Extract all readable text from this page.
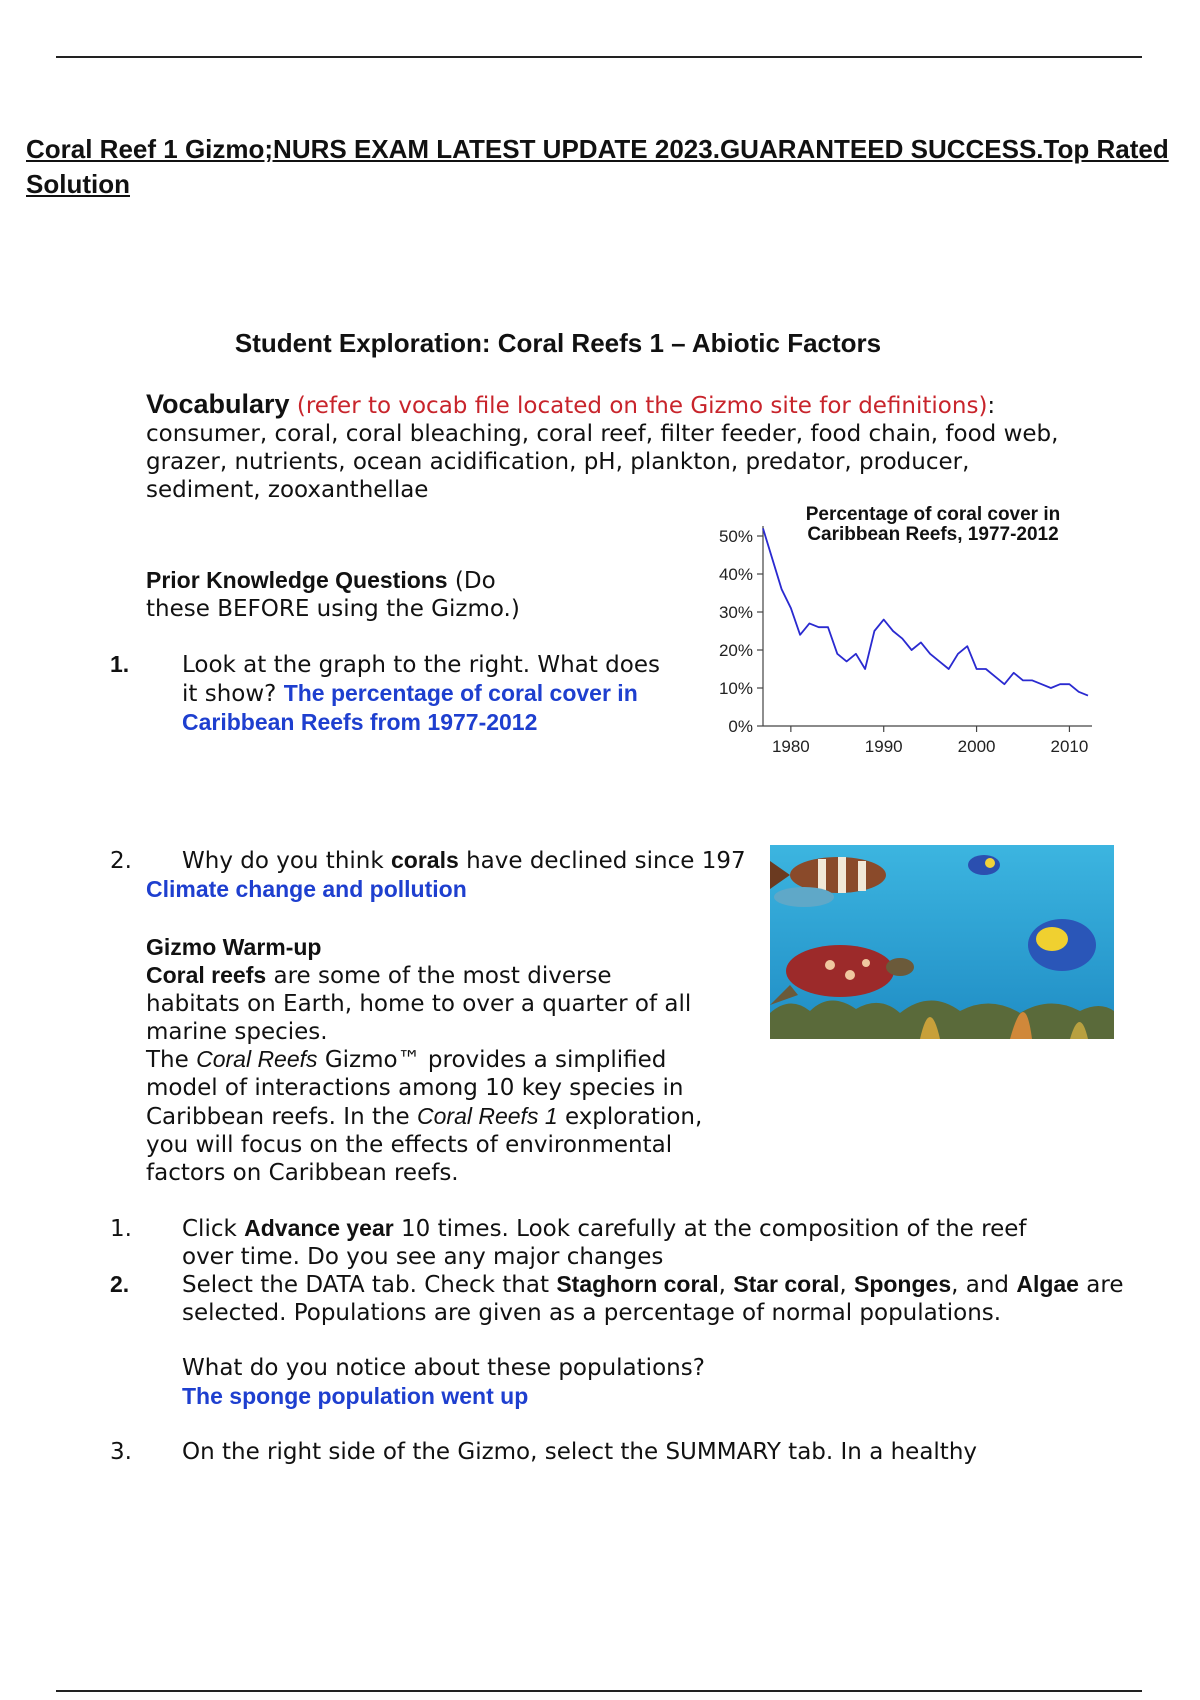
Coral Reef 1 Gizmo;NURS EXAM LATEST UPDATE 2023.GUARANTEED SUCCESS.Top Rated Solution
Student Exploration: Coral Reefs 1 – Abiotic Factors
Vocabulary (refer to vocab file located on the Gizmo site for definitions):
consumer, coral, coral bleaching, coral reef, filter feeder, food chain, food web, grazer, nutrients, ocean acidification, pH, plankton, predator, producer, sediment, zooxanthellae
Prior Knowledge Questions (Do these BEFORE using the Gizmo.)
1. Look at the graph to the right. What does it show? The percentage of coral cover in Caribbean Reefs from 1977-2012
Percentage of coral cover in
Caribbean Reefs, 1977-2012
0%
10%
20%
30%
40%
50%
1980	1990	2000	2010
2. Why do you think corals have declined since 197
Climate change and pollution
Gizmo Warm-up
Coral reefs are some of the most diverse habitats on Earth, home to over a quarter of all marine species.
The Coral Reefs Gizmo™ provides a simplified model of interactions among 10 key species in Caribbean reefs. In the Coral Reefs 1 exploration, you will focus on the effects of environmental factors on Caribbean reefs.
1. Click Advance year 10 times. Look carefully at the composition of the reef over time. Do you see any major changes
2. Select the DATA tab. Check that Staghorn coral, Star coral, Sponges, and Algae are selected. Populations are given as a percentage of normal populations.
What do you notice about these populations?
The sponge population went up
3. On the right side of the Gizmo, select the SUMMARY tab. In a healthy
